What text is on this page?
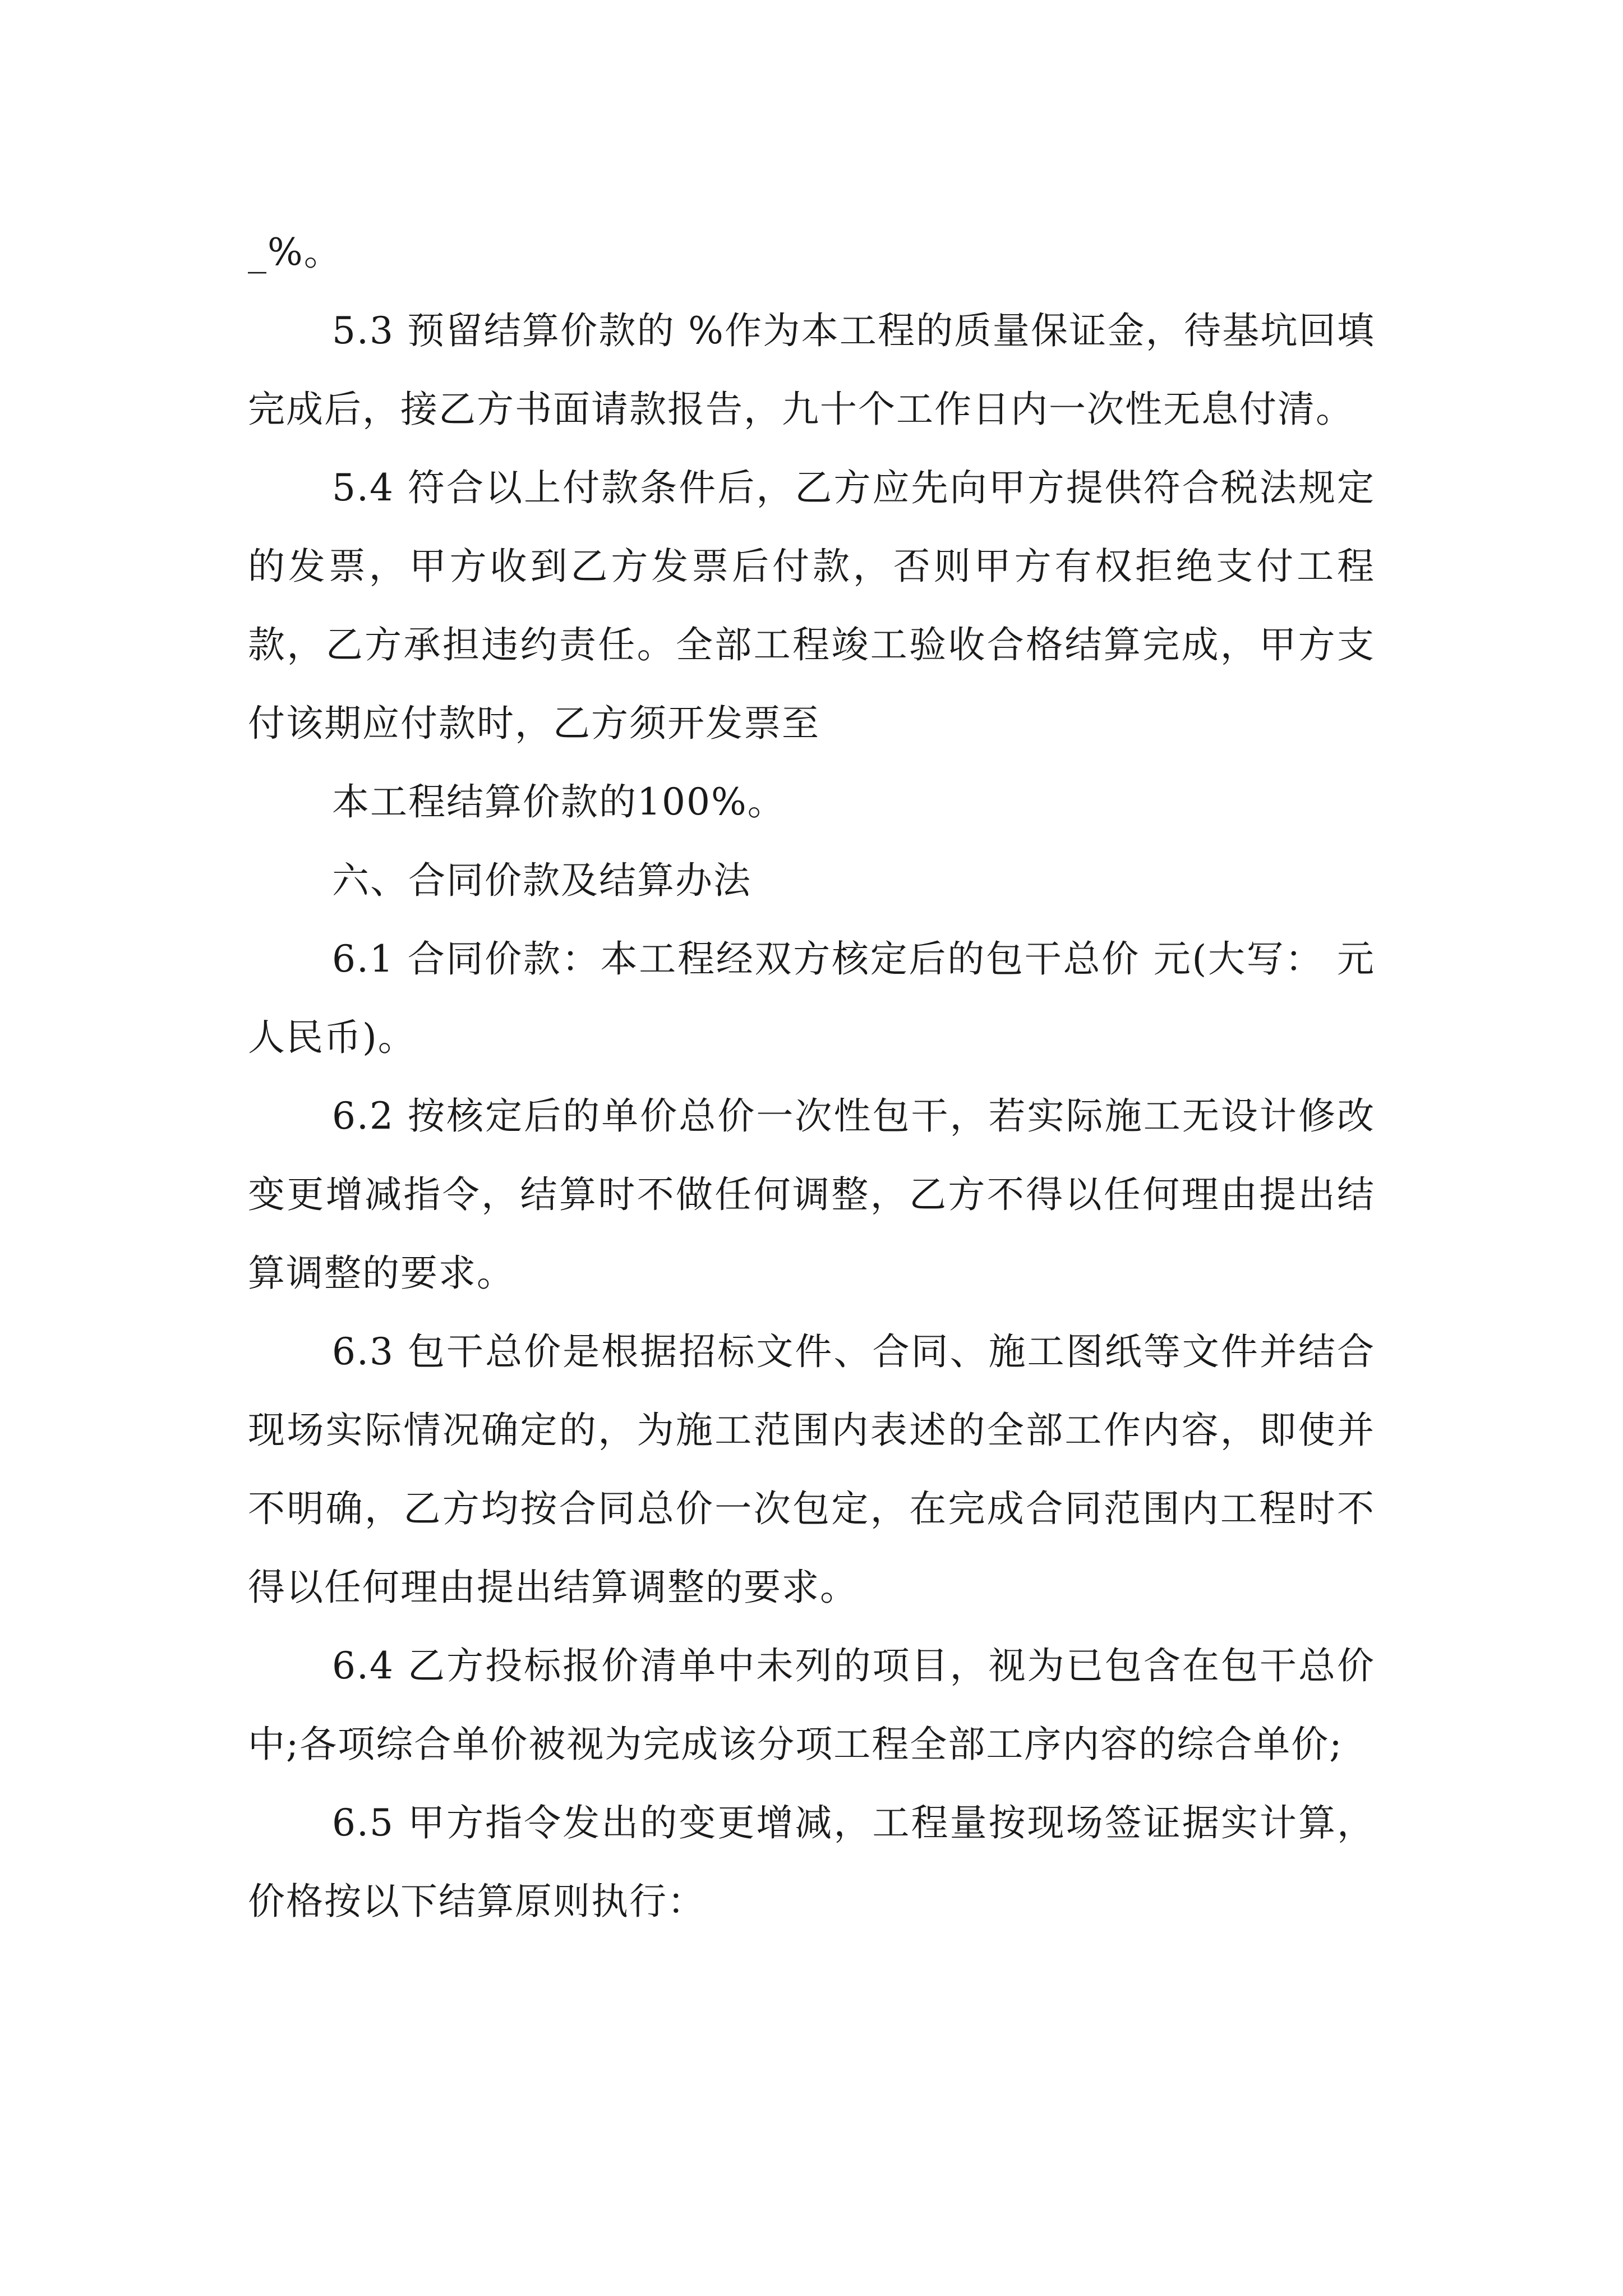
_%。

5.3 预留结算价款的 %作为本工程的质量保证金，待基坑回填完成后，接乙方书面请款报告，九十个工作日内一次性无息付清。

5.4 符合以上付款条件后，乙方应先向甲方提供符合税法规定的发票，甲方收到乙方发票后付款，否则甲方有权拒绝支付工程款，乙方承担违约责任。全部工程竣工验收合格结算完成，甲方支付该期应付款时，乙方须开发票至

本工程结算价款的100%。

六、合同价款及结算办法

6.1 合同价款：本工程经双方核定后的包干总价 元(大写： 元人民币)。

6.2 按核定后的单价总价一次性包干，若实际施工无设计修改变更增减指令，结算时不做任何调整，乙方不得以任何理由提出结算调整的要求。

6.3 包干总价是根据招标文件、合同、施工图纸等文件并结合现场实际情况确定的，为施工范围内表述的全部工作内容，即使并不明确，乙方均按合同总价一次包定，在完成合同范围内工程时不得以任何理由提出结算调整的要求。

6.4 乙方投标报价清单中未列的项目，视为已包含在包干总价中;各项综合单价被视为完成该分项工程全部工序内容的综合单价;

6.5 甲方指令发出的变更增减，工程量按现场签证据实计算，价格按以下结算原则执行：
